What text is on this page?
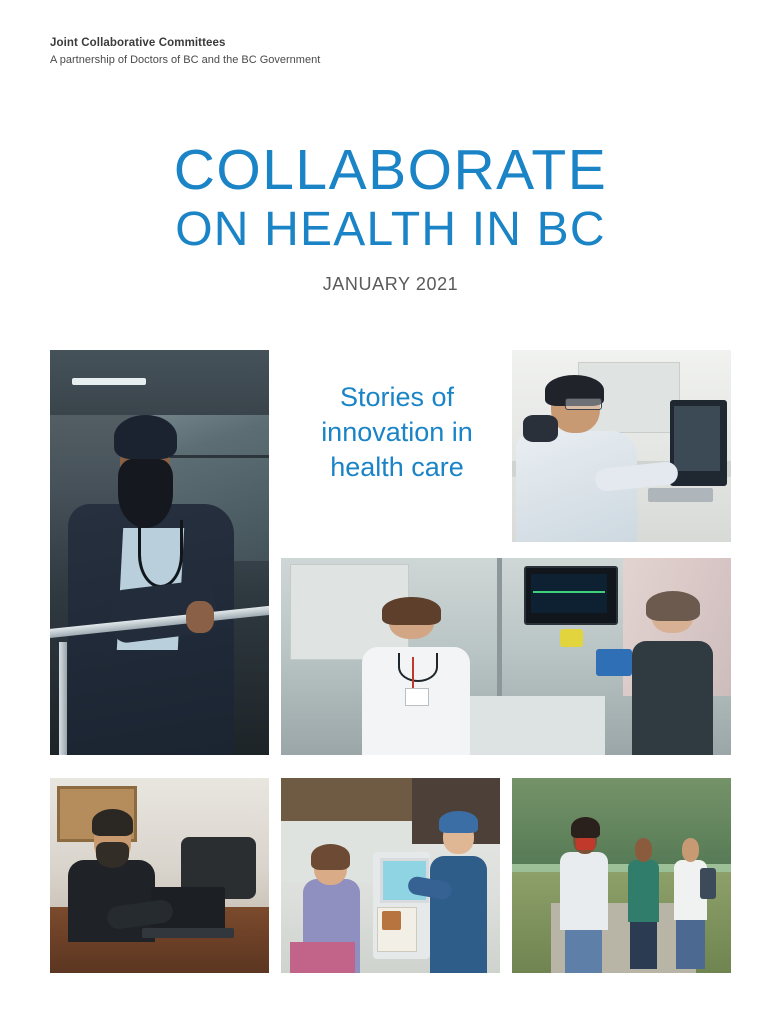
Joint Collaborative Committees
A partnership of Doctors of BC and the BC Government
COLLABORATE
ON HEALTH IN BC
JANUARY 2021
Stories of innovation in health care
